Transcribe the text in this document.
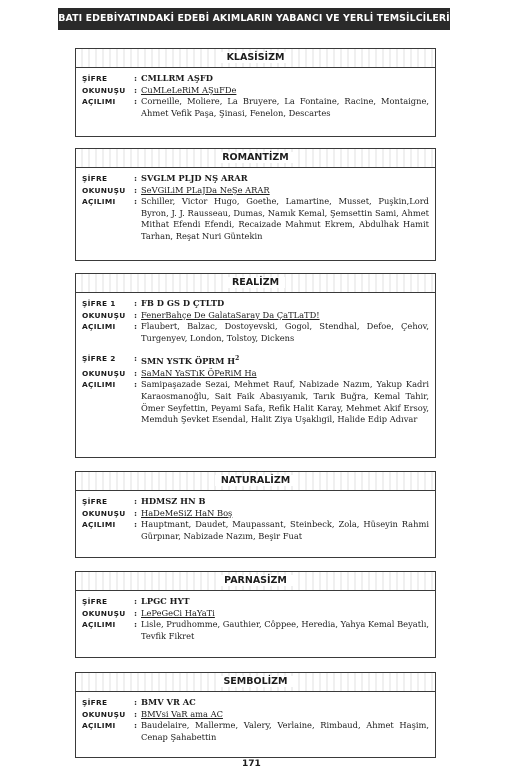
BATI EDEBİYATINDAKİ EDEBİ AKIMLARIN YABANCI VE YERLİ TEMSİLCİLERİ
KLASİSİZM
ŞİFRE	: CMLLRM AŞFD
OKUNUŞU	: CuMLeLeRiM AŞuFDe
AÇILIMI	: Corneille, Moliere, La Bruyere, La Fontaine, Racine, Montaigne, Ahmet Vefik Paşa, Şinasi, Fenelon, Descartes
ROMANTİZM
ŞİFRE	: SVGLM PLJD NŞ ARAR
OKUNUŞU	: SeVGiLiM PLaJDa NeŞe ARAR
AÇILIMI	: Schiller, Victor Hugo, Goethe, Lamartine, Musset, Puşkin,Lord Byron, J. J. Rausseau, Dumas, Namık Kemal, Şemsettin Sami, Ahmet Mithat Efendi Efendi, Recaizade Mahmut Ekrem, Abdulhak Hamit Tarhan, Reşat Nuri Güntekin
REALİZM
ŞİFRE 1	: FB D GS D ÇTLTD
OKUNUŞU	: FenerBahçe De GalataSaray Da ÇaTLaTD!
AÇILIMI	: Flaubert, Balzac, Dostoyevski, Gogol, Stendhal, Defoe, Çehov, Turgenyev, London, Tolstoy, Dickens
ŞİFRE 2	: SMN YSTK ÖPRM $H^2$
OKUNUŞU	: SaMaN YaSTıK ÖPeRiM Ha
AÇILIMI	: Samipaşazade Sezai, Mehmet Rauf, Nabizade Nazım, Yakup Kadri Karaosmanoğlu, Sait Faik Abasıyanık, Tarık Buğra, Kemal Tahir, Ömer Seyfettin, Peyami Safa, Refik Halit Karay, Mehmet Akif Ersoy, Memduh Şevket Esendal, Halit Ziya Uşaklıgil, Halide Edip Adıvar
NATURALİZM
ŞİFRE	: HDMSZ HN B
OKUNUŞU	: HaDeMeSiZ HaN Boş
AÇILIMI	: Hauptmant, Daudet, Maupassant, Steinbeck, Zola, Hüseyin Rahmi Gürpınar, Nabizade Nazım, Beşir Fuat
PARNASİZM
ŞİFRE	: LPGC HYT
OKUNUŞU	: LePeGeCi HaYaTi
AÇILIMI	: Lisle, Prudhomme, Gauthier, Côppee, Heredia, Yahya Kemal Beyatlı, Tevfik Fikret
SEMBOLİZM
ŞİFRE	: BMV VR AC
OKUNUŞU	: BMVsi VaR ama AC
AÇILIMI	: Baudelaire, Mallerme, Valery, Verlaine, Rimbaud, Ahmet Haşim, Cenap Şahabettin
171
